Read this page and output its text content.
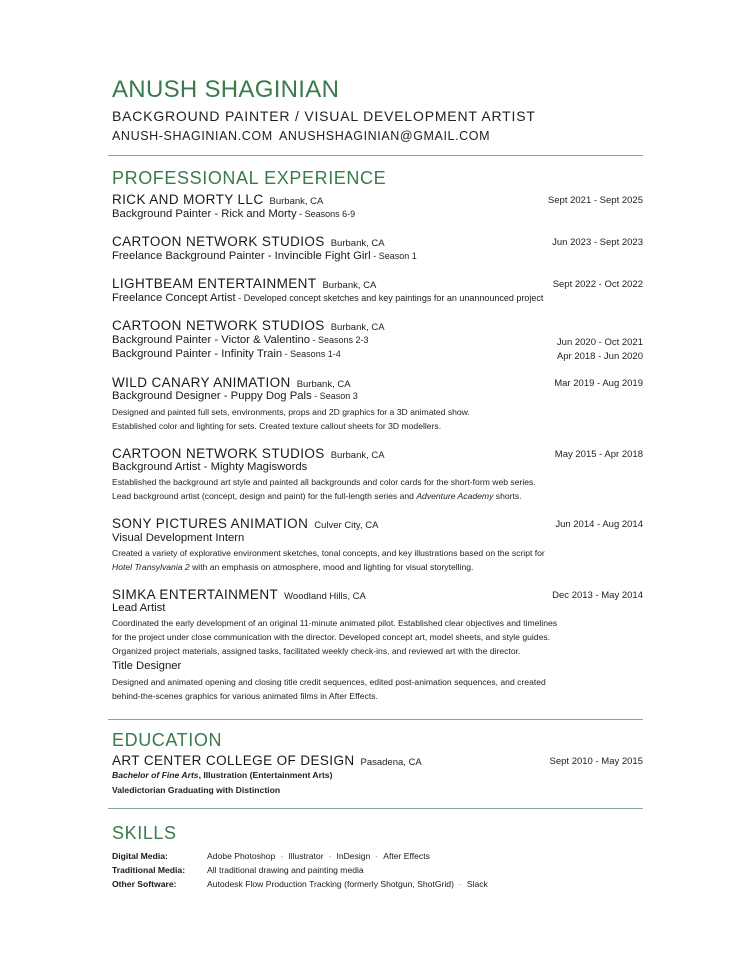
ANUSH SHAGINIAN
BACKGROUND PAINTER / VISUAL DEVELOPMENT ARTIST
ANUSH-SHAGINIAN.COM ANUSHSHAGINIAN@GMAIL.COM
PROFESSIONAL EXPERIENCE
RICK AND MORTY LLC Burbank, CA	Sept 2021 - Sept 2025
Background Painter - Rick and Morty - Seasons 6-9
CARTOON NETWORK STUDIOS Burbank, CA	Jun 2023 - Sept 2023
Freelance Background Painter - Invincible Fight Girl - Season 1
LIGHTBEAM ENTERTAINMENT Burbank, CA	Sept 2022 - Oct 2022
Freelance Concept Artist - Developed concept sketches and key paintings for an unannounced project
CARTOON NETWORK STUDIOS Burbank, CA
Background Painter - Victor & Valentino - Seasons 2-3	Jun 2020 - Oct 2021
Background Painter - Infinity Train - Seasons 1-4	Apr 2018 - Jun 2020
WILD CANARY ANIMATION Burbank, CA	Mar 2019 - Aug 2019
Background Designer - Puppy Dog Pals - Season 3
Designed and painted full sets, environments, props and 2D graphics for a 3D animated show.
Established color and lighting for sets. Created texture callout sheets for 3D modellers.
CARTOON NETWORK STUDIOS Burbank, CA	May 2015 - Apr 2018
Background Artist - Mighty Magiswords
Established the background art style and painted all backgrounds and color cards for the short-form web series.
Lead background artist (concept, design and paint) for the full-length series and Adventure Academy shorts.
SONY PICTURES ANIMATION Culver City, CA	Jun 2014 - Aug 2014
Visual Development Intern
Created a variety of explorative environment sketches, tonal concepts, and key illustrations based on the script for
Hotel Transylvania 2 with an emphasis on atmosphere, mood and lighting for visual storytelling.
SIMKA ENTERTAINMENT Woodland Hills, CA	Dec 2013 - May 2014
Lead Artist
Coordinated the early development of an original 11-minute animated pilot. Established clear objectives and timelines
for the project under close communication with the director. Developed concept art, model sheets, and style guides.
Organized project materials, assigned tasks, facilitated weekly check-ins, and reviewed art with the director.
Title Designer
Designed and animated opening and closing title credit sequences, edited post-animation sequences, and created
behind-the-scenes graphics for various animated films in After Effects.
EDUCATION
ART CENTER COLLEGE OF DESIGN Pasadena, CA	Sept 2010 - May 2015
Bachelor of Fine Arts, Illustration (Entertainment Arts)
Valedictorian Graduating with Distinction
SKILLS
Digital Media:	Adobe Photoshop - Illustrator - InDesign - After Effects
Traditional Media:	All traditional drawing and painting media
Other Software:	Autodesk Flow Production Tracking (formerly Shotgun, ShotGrid) - Slack
